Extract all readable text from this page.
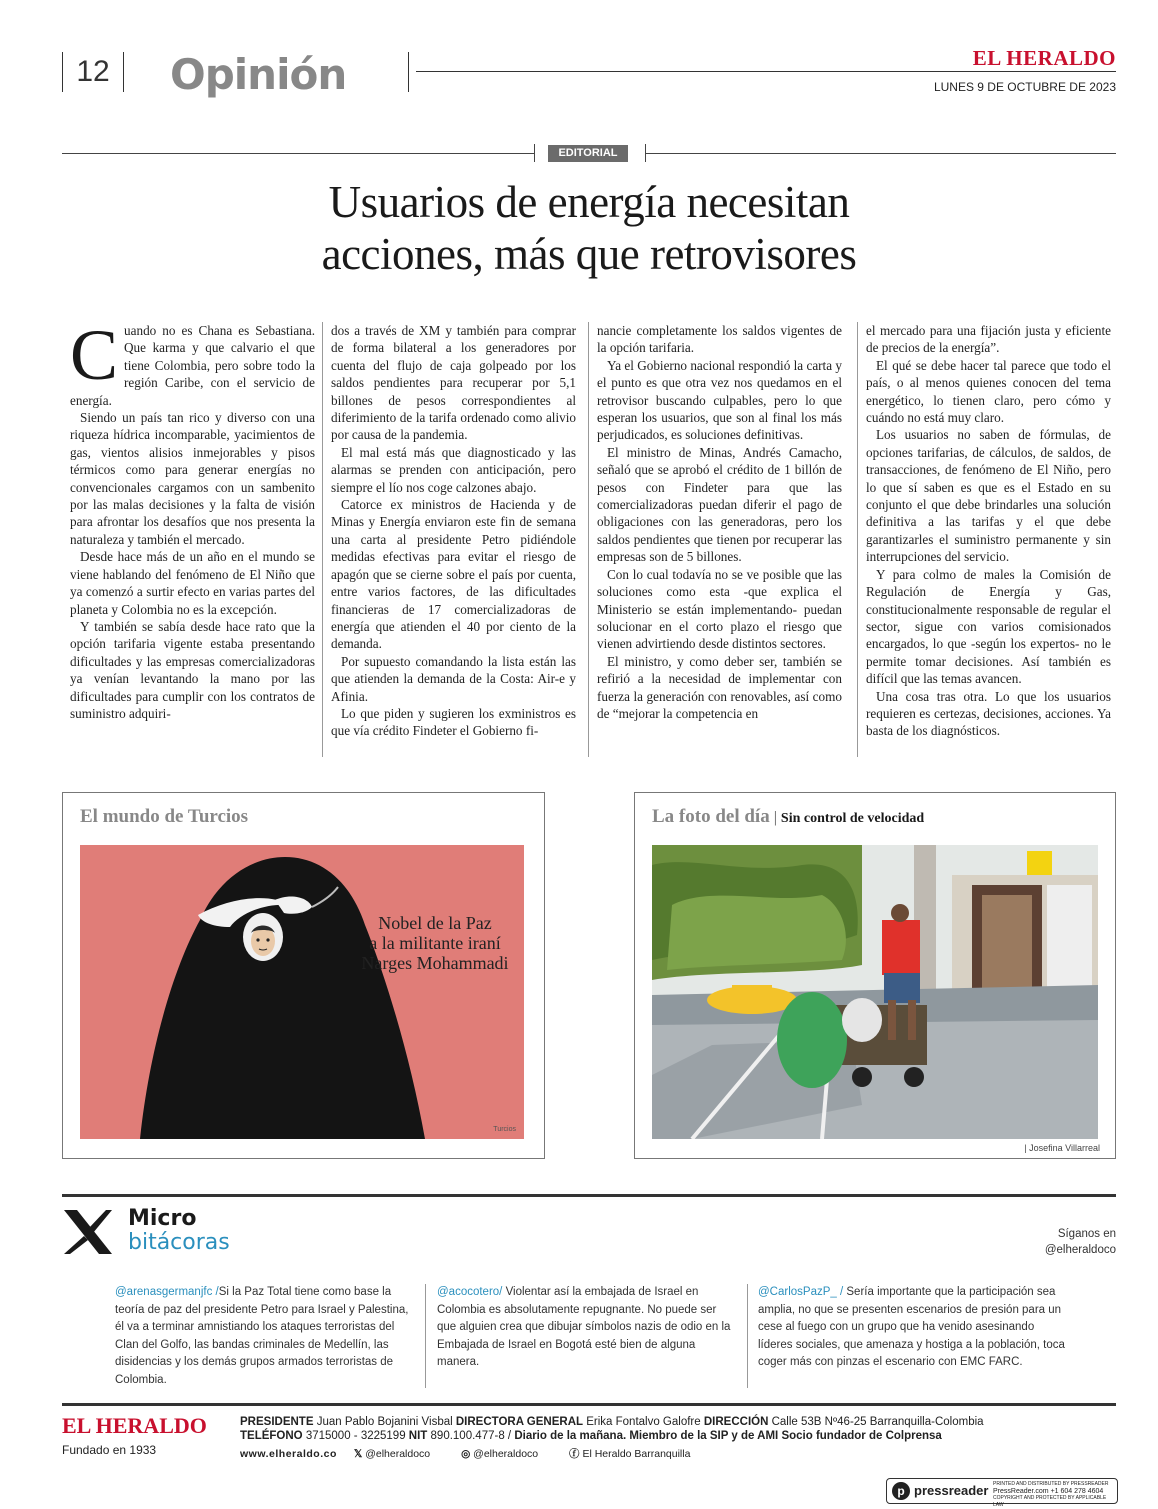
12	Opinión	EL HERALDO
LUNES 9 DE OCTUBRE DE 2023
EDITORIAL
Usuarios de energía necesitan
acciones, más que retrovisores
C uando no es Chana es Sebastiana. Que karma y que calvario el que tiene Colombia, pero sobre todo la región Caribe, con el servicio de energía.

Siendo un país tan rico y diverso con una riqueza hídrica incomparable, yacimientos de gas, vientos alisios inmejorables y pisos térmicos como para generar energías no convencionales cargamos con un sambenito por las malas decisiones y la falta de visión para afrontar los desafíos que nos presenta la naturaleza y también el mercado.

Desde hace más de un año en el mundo se viene hablando del fenómeno de El Niño que ya comenzó a surtir efecto en varias partes del planeta y Colombia no es la excepción.

Y también se sabía desde hace rato que la opción tarifaria vigente estaba presentando dificultades y las empresas comercializadoras ya venían levantando la mano por las dificultades para cumplir con los contratos de suministro adquiri-

dos a través de XM y también para comprar de forma bilateral a los generadores por cuenta del flujo de caja golpeado por los saldos pendientes para recuperar por 5,1 billones de pesos correspondientes al diferimiento de la tarifa ordenado como alivio por causa de la pandemia.

El mal está más que diagnosticado y las alarmas se prenden con anticipación, pero siempre el lío nos coge calzones abajo.

Catorce ex ministros de Hacienda y de Minas y Energía enviaron este fin de semana una carta al presidente Petro pidiéndole medidas efectivas para evitar el riesgo de apagón que se cierne sobre el país por cuenta, entre varios factores, de las dificultades financieras de 17 comercializadoras de energía que atienden el 40 por ciento de la demanda.

Por supuesto comandando la lista están las que atienden la demanda de la Costa: Air-e y Afinia.

Lo que piden y sugieren los exministros es que vía crédito Findeter el Gobierno fi-

nancie completamente los saldos vigentes de la opción tarifaria.

Ya el Gobierno nacional respondió la carta y el punto es que otra vez nos quedamos en el retrovisor buscando culpables, pero lo que esperan los usuarios, que son al final los más perjudicados, es soluciones definitivas.

El ministro de Minas, Andrés Camacho, señaló que se aprobó el crédito de 1 billón de pesos con Findeter para que las comercializadoras puedan diferir el pago de obligaciones con las generadoras, pero los saldos pendientes que tienen por recuperar las empresas son de 5 billones.

Con lo cual todavía no se ve posible que las soluciones como esta -que explica el Ministerio se están implementando- puedan solucionar en el corto plazo el riesgo que vienen advirtiendo desde distintos sectores.

El ministro, y como deber ser, también se refirió a la necesidad de implementar con fuerza la generación con renovables, así como de “mejorar la competencia en

el mercado para una fijación justa y eficiente de precios de la energía”.

El qué se debe hacer tal parece que todo el país, o al menos quienes conocen del tema energético, lo tienen claro, pero cómo y cuándo no está muy claro.

Los usuarios no saben de fórmulas, de opciones tarifarias, de cálculos, de saldos, de transacciones, de fenómeno de El Niño, pero lo que sí saben es que es el Estado en su conjunto el que debe brindarles una solución definitiva a las tarifas y el que debe garantizarles el suministro permanente y sin interrupciones del servicio.

Y para colmo de males la Comisión de Regulación de Energía y Gas, constitucionalmente responsable de regular el sector, sigue con varios comisionados encargados, lo que -según los expertos- no le permite tomar decisiones. Así también es difícil que las temas avancen.

Una cosa tras otra. Lo que los usuarios requieren es certezas, decisiones, acciones. Ya basta de los diagnósticos.

El mundo de Turcios
Nobel de la Paz
a la militante iraní
Narges Mohammadi
Turcios
La foto del día | Sin control de velocidad
| Josefina Villarreal
Micro
bitácoras	Síganos en
@elheraldoco
@arenasgermanjfc /Si la Paz Total tiene como base la teoría de paz del presidente Petro para Israel y Palestina, él va a terminar amnistiando los ataques terroristas del Clan del Golfo, las bandas criminales de Medellín, las disidencias y los demás grupos armados terroristas de Colombia.
@acocotero/ Violentar así la embajada de Israel en Colombia es absolutamente repugnante. No puede ser que alguien crea que dibujar símbolos nazis de odio en la Embajada de Israel en Bogotá esté bien de alguna manera.
@CarlosPazP_ / Sería importante que la participación sea amplia, no que se presenten escenarios de presión para un cese al fuego con un grupo que ha venido asesinando líderes sociales, que amenaza y hostiga a la población, toca coger más con pinzas el escenario con EMC FARC.
EL HERALDO
Fundado en 1933
PRESIDENTE Juan Pablo Bojanini Visbal DIRECTORA GENERAL Erika Fontalvo Galofre DIRECCIÓN Calle 53B Nº46-25 Barranquilla-Colombia
TELÉFONO 3715000 - 3225199 NIT 890.100.477-8 / Diario de la mañana. Miembro de la SIP y de AMI Socio fundador de Colprensa
www.elheraldo.co 𝕏 @elheraldoco	◎ @elheraldoco	ⓕ El Heraldo Barranquilla
p pressreader PRINTED AND DISTRIBUTED BY PRESSREADER
PressReader.com +1 604 278 4604
COPYRIGHT AND PROTECTED BY APPLICABLE LAW
